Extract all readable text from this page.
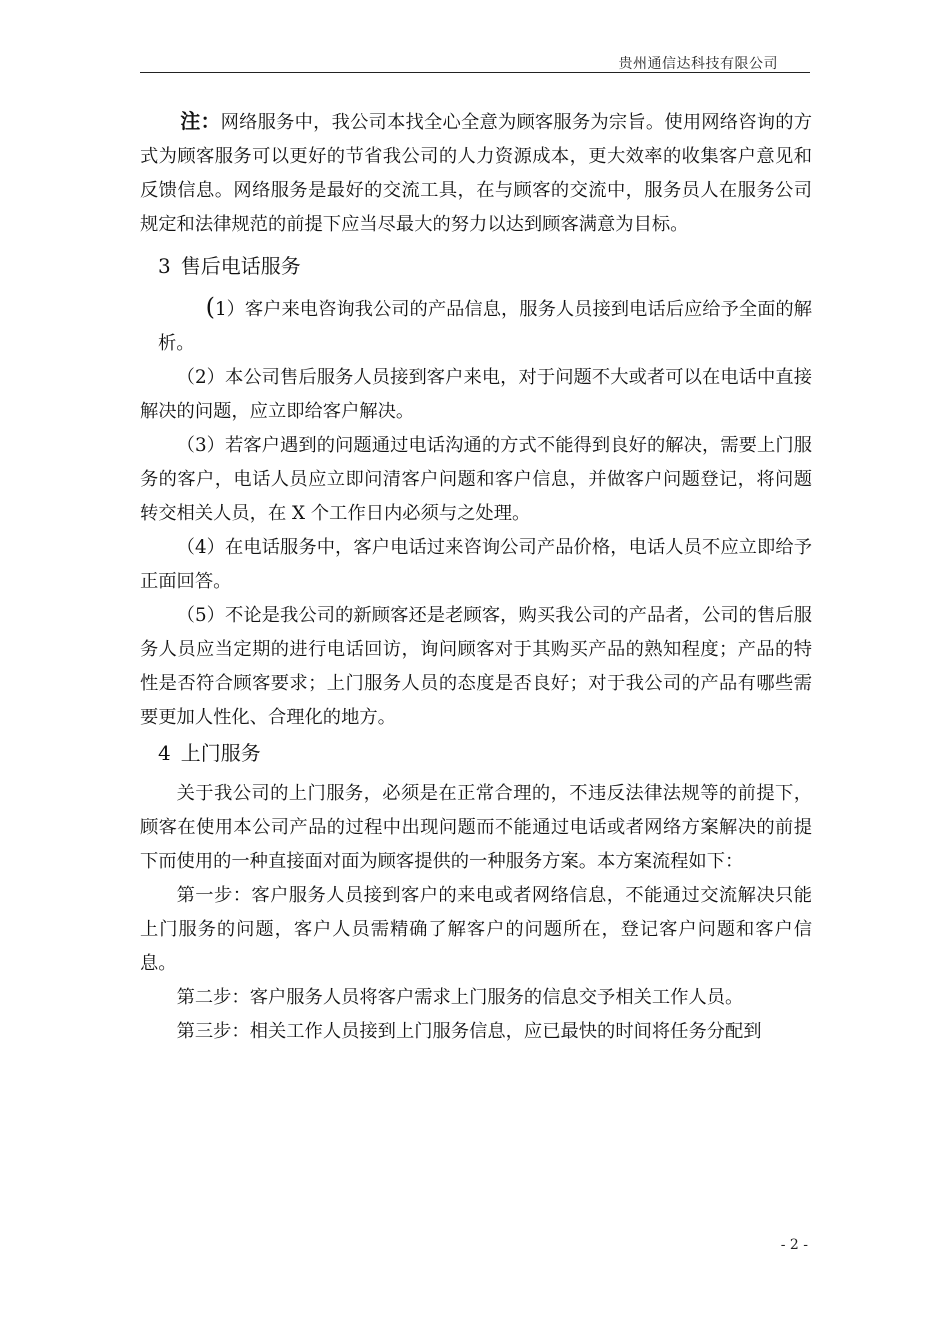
贵州通信达科技有限公司

注：网络服务中，我公司本找全心全意为顾客服务为宗旨。使用网络咨询的方式为顾客服务可以更好的节省我公司的人力资源成本，更大效率的收集客户意见和反馈信息。网络服务是最好的交流工具，在与顾客的交流中，服务员人在服务公司规定和法律规范的前提下应当尽最大的努力以达到顾客满意为目标。

3 售后电话服务

(1）客户来电咨询我公司的产品信息，服务人员接到电话后应给予全面的解析。

（2）本公司售后服务人员接到客户来电，对于问题不大或者可以在电话中直接解决的问题，应立即给客户解决。

（3）若客户遇到的问题通过电话沟通的方式不能得到良好的解决，需要上门服务的客户，电话人员应立即问清客户问题和客户信息，并做客户问题登记，将问题转交相关人员，在 X 个工作日内必须与之处理。

（4）在电话服务中，客户电话过来咨询公司产品价格，电话人员不应立即给予正面回答。

（5）不论是我公司的新顾客还是老顾客，购买我公司的产品者，公司的售后服务人员应当定期的进行电话回访，询问顾客对于其购买产品的熟知程度；产品的特性是否符合顾客要求；上门服务人员的态度是否良好；对于我公司的产品有哪些需要更加人性化、合理化的地方。

4 上门服务

关于我公司的上门服务，必须是在正常合理的，不违反法律法规等的前提下，顾客在使用本公司产品的过程中出现问题而不能通过电话或者网络方案解决的前提下而使用的一种直接面对面为顾客提供的一种服务方案。本方案流程如下：

第一步：客户服务人员接到客户的来电或者网络信息，不能通过交流解决只能上门服务的问题，客户人员需精确了解客户的问题所在，登记客户问题和客户信息。

第二步：客户服务人员将客户需求上门服务的信息交予相关工作人员。

第三步：相关工作人员接到上门服务信息，应已最快的时间将任务分配到

- 2 -
